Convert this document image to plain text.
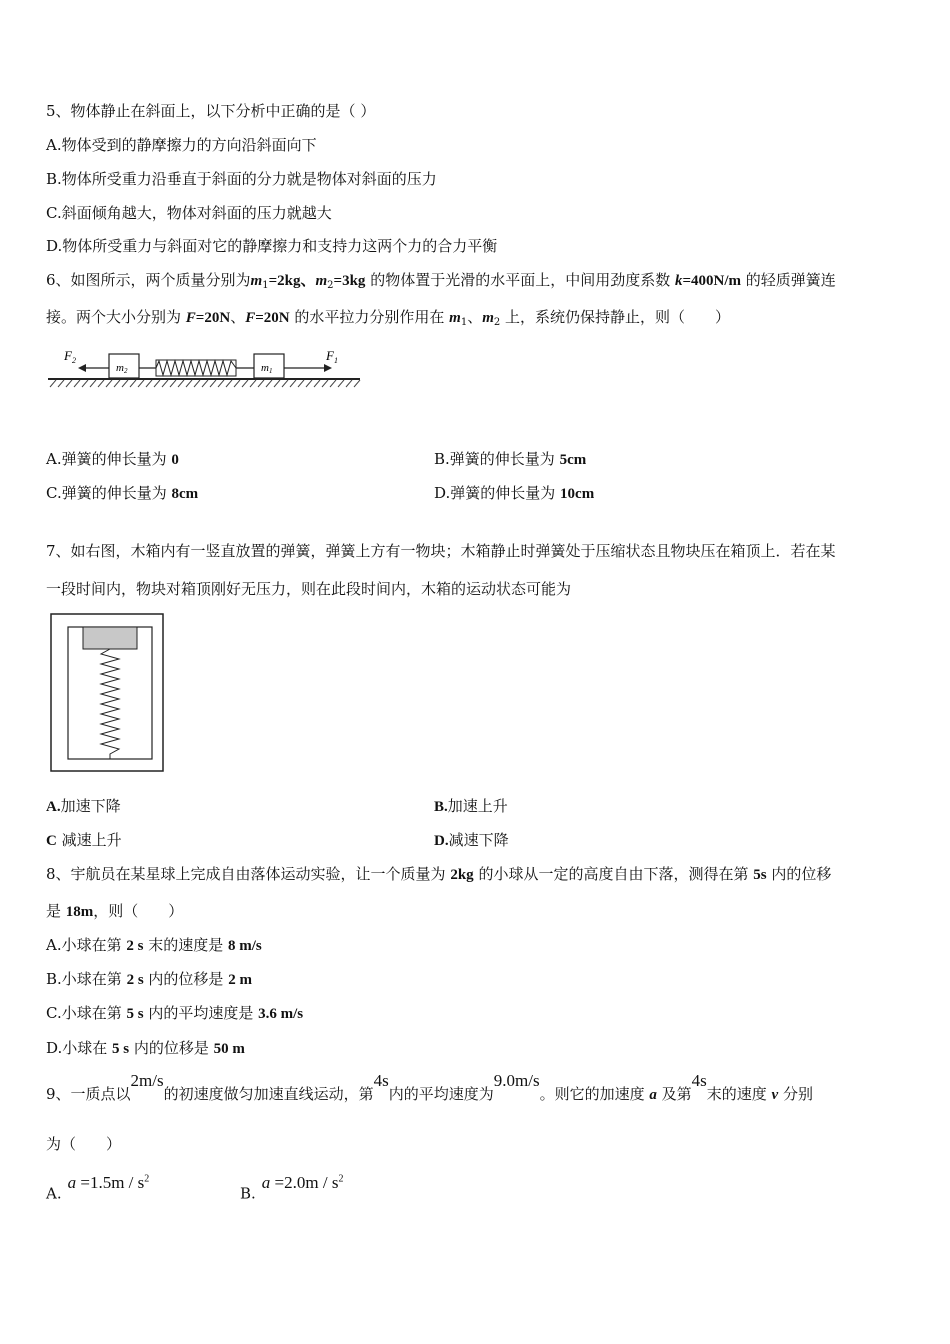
5、物体静止在斜面上，以下分析中正确的是（ ）
A.物体受到的静摩擦力的方向沿斜面向下
B.物体所受重力沿垂直于斜面的分力就是物体对斜面的压力
C.斜面倾角越大，物体对斜面的压力就越大
D.物体所受重力与斜面对它的静摩擦力和支持力这两个力的合力平衡
6、如图所示，两个质量分别为$m_1=2kg$、$m_2=3kg$ 的物体置于光滑的水平面上，中间用劲度系数 k=400N/m 的轻质弹簧连
接。两个大小分别为 F=20N、F=20N 的水平拉力分别作用在 $m_1$、$m_2$ 上，系统仍保持静止，则（　　）
$F_2$	$F_1$
m2	m1
A.弹簧的伸长量为 0	B.弹簧的伸长量为 5cm
C.弹簧的伸长量为 8cm	D.弹簧的伸长量为 10cm
7、如右图，木箱内有一竖直放置的弹簧，弹簧上方有一物块；木箱静止时弹簧处于压缩状态且物块压在箱顶上．若在某
一段时间内，物块对箱顶刚好无压力，则在此段时间内，木箱的运动状态可能为
A.加速下降	B.加速上升
C 减速上升	D.减速下降
8、宇航员在某星球上完成自由落体运动实验，让一个质量为 2kg 的小球从一定的高度自由下落，测得在第 5s 内的位移
是 18m，则（　　）
A.小球在第 2 s 末的速度是 8 m/s
B.小球在第 2 s 内的位移是 2 m
C.小球在第 5 s 内的平均速度是 3.6 m/s
D.小球在 5 s 内的位移是 50 m
9、一质点以2m/s的初速度做匀加速直线运动，第4s内的平均速度为9.0m/s。则它的加速度 a 及第4s末的速度 v 分别
为（　　）
$A.a =1.5m / s^2$
$B.a =2.0m / s^2$
